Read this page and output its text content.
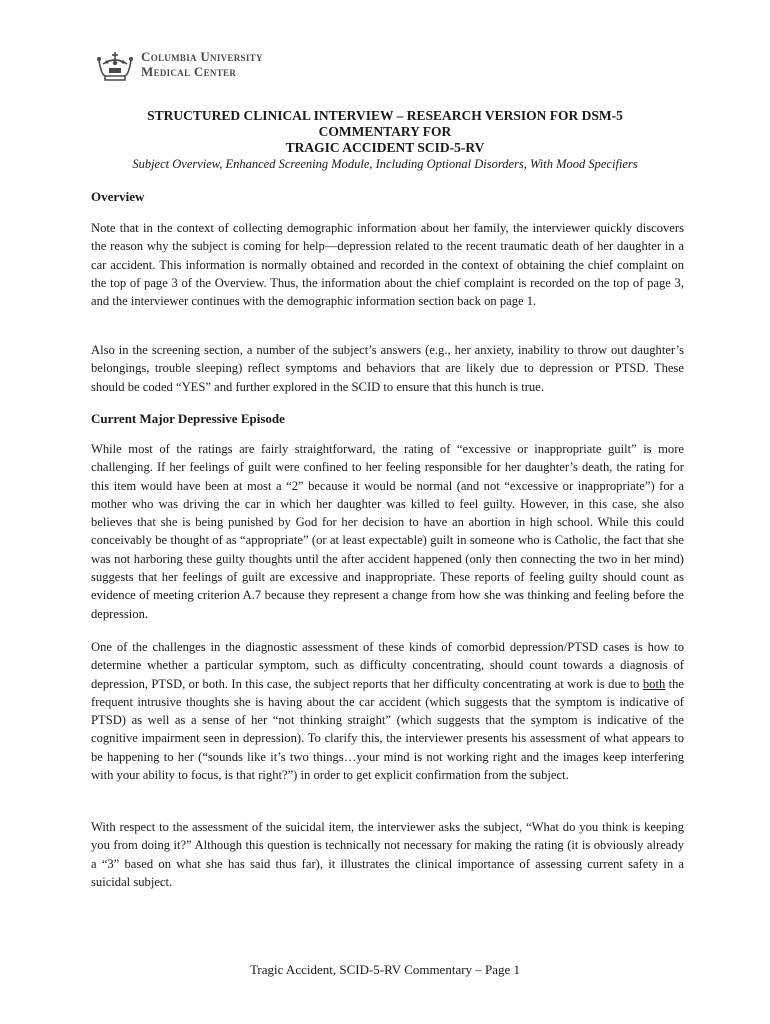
Columbia University
Medical Center
STRUCTURED CLINICAL INTERVIEW – RESEARCH VERSION FOR DSM-5
COMMENTARY FOR
TRAGIC ACCIDENT SCID-5-RV
Subject Overview, Enhanced Screening Module, Including Optional Disorders, With Mood Specifiers
Overview

Note that in the context of collecting demographic information about her family, the interviewer quickly discovers the reason why the subject is coming for help—depression related to the recent traumatic death of her daughter in a car accident. This information is normally obtained and recorded in the context of obtaining the chief complaint on the top of page 3 of the Overview. Thus, the information about the chief complaint is recorded on the top of page 3, and the interviewer continues with the demographic information section back on page 1.

Also in the screening section, a number of the subject’s answers (e.g., her anxiety, inability to throw out daughter’s belongings, trouble sleeping) reflect symptoms and behaviors that are likely due to depression or PTSD. These should be coded “YES” and further explored in the SCID to ensure that this hunch is true.

Current Major Depressive Episode

While most of the ratings are fairly straightforward, the rating of “excessive or inappropriate guilt” is more challenging. If her feelings of guilt were confined to her feeling responsible for her daughter’s death, the rating for this item would have been at most a “2” because it would be normal (and not “excessive or inappropriate”) for a mother who was driving the car in which her daughter was killed to feel guilty. However, in this case, she also believes that she is being punished by God for her decision to have an abortion in high school. While this could conceivably be thought of as “appropriate” (or at least expectable) guilt in someone who is Catholic, the fact that she was not harboring these guilty thoughts until the after accident happened (only then connecting the two in her mind) suggests that her feelings of guilt are excessive and inappropriate. These reports of feeling guilty should count as evidence of meeting criterion A.7 because they represent a change from how she was thinking and feeling before the depression.

One of the challenges in the diagnostic assessment of these kinds of comorbid depression/PTSD cases is how to determine whether a particular symptom, such as difficulty concentrating, should count towards a diagnosis of depression, PTSD, or both. In this case, the subject reports that her difficulty concentrating at work is due to both the frequent intrusive thoughts she is having about the car accident (which suggests that the symptom is indicative of PTSD) as well as a sense of her “not thinking straight” (which suggests that the symptom is indicative of the cognitive impairment seen in depression). To clarify this, the interviewer presents his assessment of what appears to be happening to her (“sounds like it’s two things…your mind is not working right and the images keep interfering with your ability to focus, is that right?”) in order to get explicit confirmation from the subject.

With respect to the assessment of the suicidal item, the interviewer asks the subject, “What do you think is keeping you from doing it?” Although this question is technically not necessary for making the rating (it is obviously already a “3” based on what she has said thus far), it illustrates the clinical importance of assessing current safety in a suicidal subject.

Tragic Accident, SCID-5-RV Commentary – Page 1
